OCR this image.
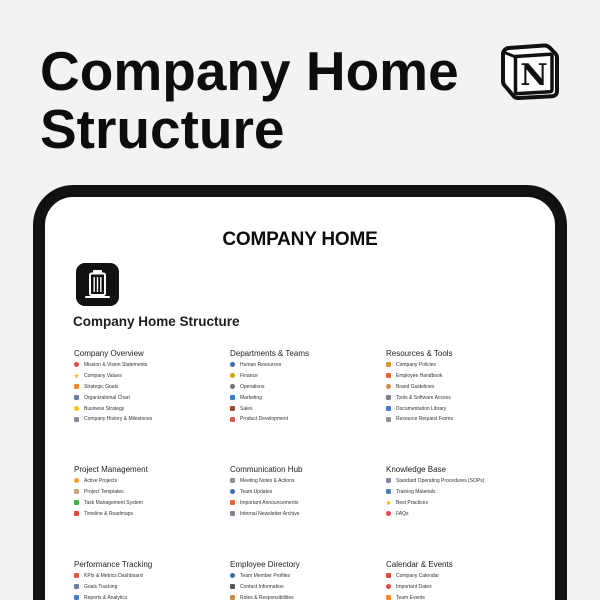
Company Home
Structure
N
COMPANY HOME
Company Home Structure
Company Overview
Mission & Vision Statements
Company Values
Strategic Goals
Organizational Chart
Business Strategy
Company History & Milestones
Departments & Teams
Human Resources
Finance
Operations
Marketing
Sales
Product Development
Resources & Tools
Company Policies
Employee Handbook
Brand Guidelines
Tools & Software Access
Documentation Library
Resource Request Forms
Project Management
Active Projects
Project Templates
Task Management System
Timeline & Roadmaps
Communication Hub
Meeting Notes & Actions
Team Updates
Important Announcements
Internal Newsletter Archive
Knowledge Base
Standard Operating Procedures (SOPs)
Training Materials
Best Practices
FAQs
Performance Tracking
KPIs & Metrics Dashboard
Goals Tracking
Reports & Analytics
Employee Directory
Team Member Profiles
Contact Information
Roles & Responsibilities
Calendar & Events
Company Calendar
Important Dates
Team Events
